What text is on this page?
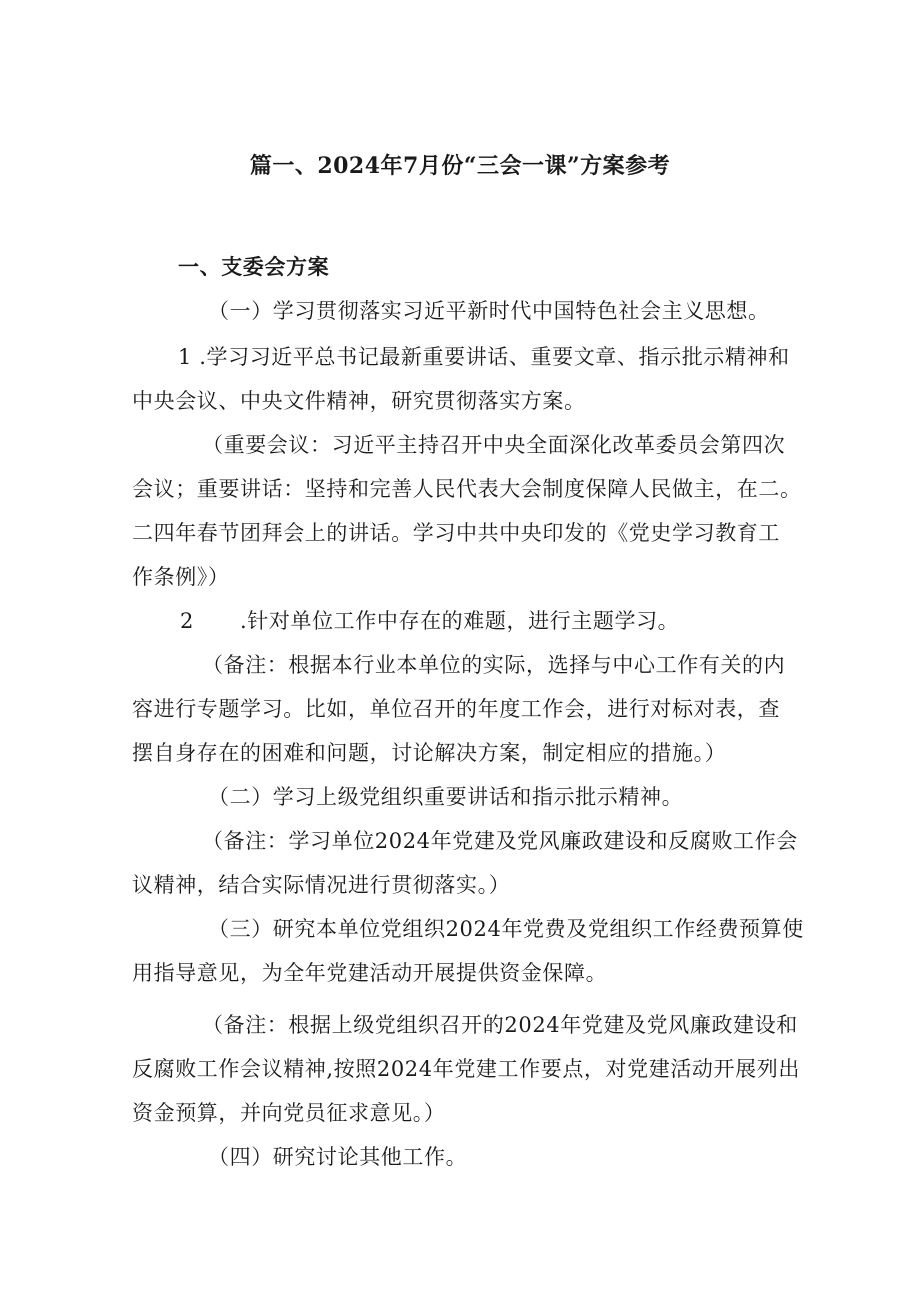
篇一、2024年7月份“三会一课”方案参考
一、支委会方案
（一）学习贯彻落实习近平新时代中国特色社会主义思想。
1 .学习习近平总书记最新重要讲话、重要文章、指示批示精神和
中央会议、中央文件精神，研究贯彻落实方案。
（重要会议：习近平主持召开中央全面深化改革委员会第四次
会议；重要讲话：坚持和完善人民代表大会制度保障人民做主，在二。
二四年春节团拜会上的讲话。学习中共中央印发的《党史学习教育工
作条例》）
2 .针对单位工作中存在的难题，进行主题学习。
（备注：根据本行业本单位的实际，选择与中心工作有关的内
容进行专题学习。比如，单位召开的年度工作会，进行对标对表，查
摆自身存在的困难和问题，讨论解决方案，制定相应的措施。）
（二）学习上级党组织重要讲话和指示批示精神。
（备注：学习单位2024年党建及党风廉政建设和反腐败工作会
议精神，结合实际情况进行贯彻落实。）
（三）研究本单位党组织2024年党费及党组织工作经费预算使
用指导意见，为全年党建活动开展提供资金保障。
（备注：根据上级党组织召开的2024年党建及党风廉政建设和
反腐败工作会议精神,按照2024年党建工作要点，对党建活动开展列出
资金预算，并向党员征求意见。）
（四）研究讨论其他工作。
